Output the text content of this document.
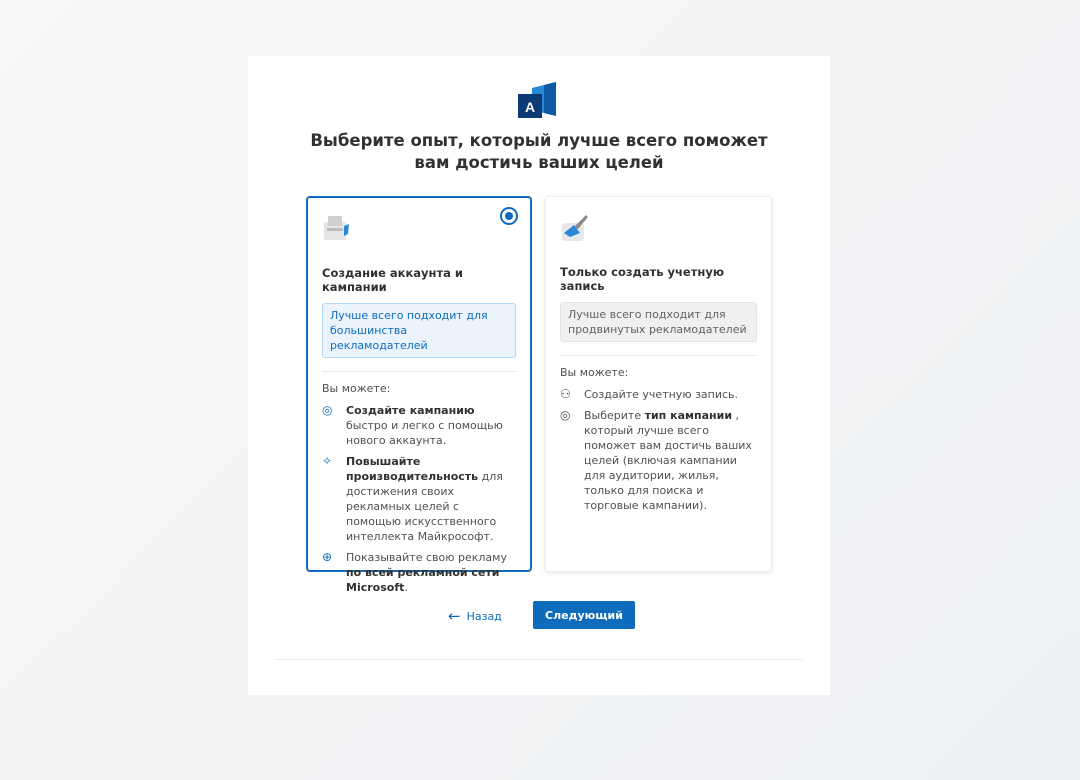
A
Выберите опыт, который лучше всего поможет вам достичь ваших целей
Создание аккаунта и кампании
Лучше всего подходит для большинства рекламодателей
Вы можете:
◎	Создайте кампанию быстро и легко с помощью нового аккаунта.
✧	Повышайте производительность для достижения своих рекламных целей с помощью искусственного интеллекта Майкрософт.
⊕	Показывайте свою рекламу по всей рекламной сети Microsoft.
Только создать учетную запись
Лучше всего подходит для продвинутых рекламодателей
Вы можете:
⚇	Создайте учетную запись.
◎	Выберите тип кампании , который лучше всего поможет вам достичь ваших целей (включая кампании для аудитории, жилья, только для поиска и торговые кампании).
← Назад	Следующий
